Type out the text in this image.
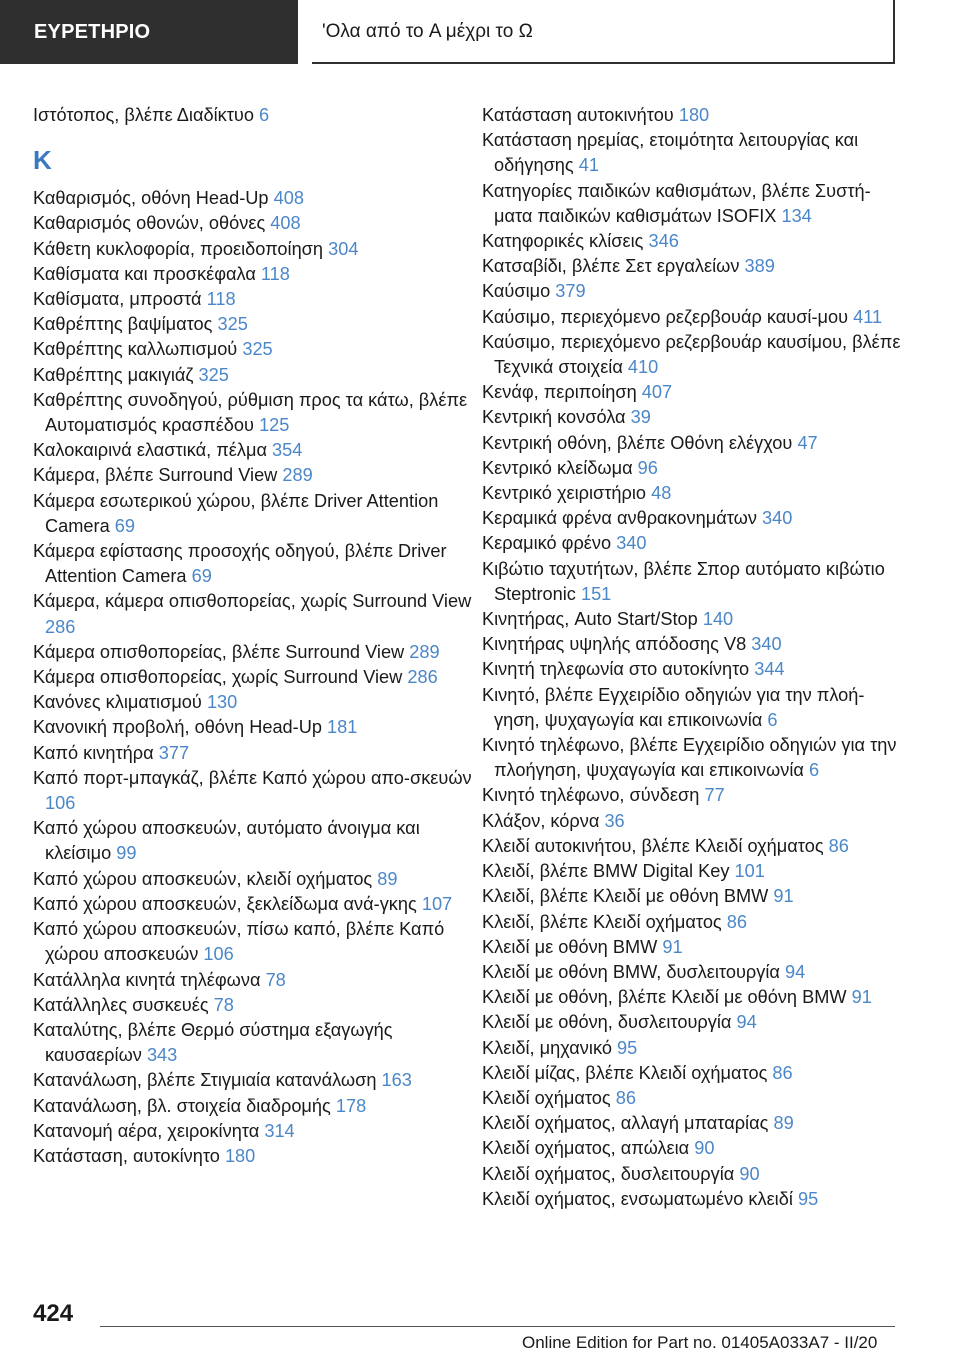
ΕΥΡΕΤΗΡΙΟ	'Ολα από το A μέχρι το Ω

Ιστότοπος, βλέπε Διαδίκτυο 6

K

Καθαρισμός, οθόνη Head-Up 408

Καθαρισμός οθονών, οθόνες 408

Κάθετη κυκλοφορία, προειδοποίηση 304

Καθίσματα και προσκέφαλα 118

Καθίσματα, μπροστά 118

Καθρέπτης βαψίματος 325

Καθρέπτης καλλωπισμού 325

Καθρέπτης μακιγιάζ 325

Καθρέπτης συνοδηγού, ρύθμιση προς τα κάτω, βλέπε Αυτοματισμός κρασπέδου 125

Καλοκαιρινά ελαστικά, πέλμα 354

Κάμερα, βλέπε Surround View 289

Κάμερα εσωτερικού χώρου, βλέπε Driver Attention Camera 69

Κάμερα εφίστασης προσοχής οδηγού, βλέπε Driver Attention Camera 69

Κάμερα, κάμερα οπισθοπορείας, χωρίς Surround View 286

Κάμερα οπισθοπορείας, βλέπε Surround View 289

Κάμερα οπισθοπορείας, χωρίς Surround View 286

Κανόνες κλιματισμού 130

Κανονική προβολή, οθόνη Head-Up 181

Καπό κινητήρα 377

Καπό πορτ-μπαγκάζ, βλέπε Καπό χώρου απο-σκευών 106

Καπό χώρου αποσκευών, αυτόματο άνοιγμα και κλείσιμο 99

Καπό χώρου αποσκευών, κλειδί οχήματος 89

Καπό χώρου αποσκευών, ξεκλείδωμα ανά-γκης 107

Καπό χώρου αποσκευών, πίσω καπό, βλέπε Καπό χώρου αποσκευών 106

Κατάλληλα κινητά τηλέφωνα 78

Κατάλληλες συσκευές 78

Καταλύτης, βλέπε Θερμό σύστημα εξαγωγής καυσαερίων 343

Κατανάλωση, βλέπε Στιγμιαία κατανάλωση 163

Κατανάλωση, βλ. στοιχεία διαδρομής 178

Κατανομή αέρα, χειροκίνητα 314

Κατάσταση, αυτοκίνητο 180

Κατάσταση αυτοκινήτου 180

Κατάσταση ηρεμίας, ετοιμότητα λειτουργίας και οδήγησης 41

Κατηγορίες παιδικών καθισμάτων, βλέπε Συστή-ματα παιδικών καθισμάτων ISOFIX 134

Κατηφορικές κλίσεις 346

Κατσαβίδι, βλέπε Σετ εργαλείων 389

Καύσιμο 379

Καύσιμο, περιεχόμενο ρεζερβουάρ καυσί-μου 411

Καύσιμο, περιεχόμενο ρεζερβουάρ καυσίμου, βλέπε Τεχνικά στοιχεία 410

Κενάφ, περιποίηση 407

Κεντρική κονσόλα 39

Κεντρική οθόνη, βλέπε Οθόνη ελέγχου 47

Κεντρικό κλείδωμα 96

Κεντρικό χειριστήριο 48

Κεραμικά φρένα ανθρακονημάτων 340

Κεραμικό φρένο 340

Κιβώτιο ταχυτήτων, βλέπε Σπορ αυτόματο κιβώτιο Steptronic 151

Κινητήρας, Auto Start/Stop 140

Κινητήρας υψηλής απόδοσης V8 340

Κινητή τηλεφωνία στο αυτοκίνητο 344

Κινητό, βλέπε Εγχειρίδιο οδηγιών για την πλοή-γηση, ψυχαγωγία και επικοινωνία 6

Κινητό τηλέφωνο, βλέπε Εγχειρίδιο οδηγιών για την πλοήγηση, ψυχαγωγία και επικοινωνία 6

Κινητό τηλέφωνο, σύνδεση 77

Κλάξον, κόρνα 36

Κλειδί αυτοκινήτου, βλέπε Κλειδί οχήματος 86

Κλειδί, βλέπε BMW Digital Key 101

Κλειδί, βλέπε Κλειδί με οθόνη BMW 91

Κλειδί, βλέπε Κλειδί οχήματος 86

Κλειδί με οθόνη BMW 91

Κλειδί με οθόνη BMW, δυσλειτουργία 94

Κλειδί με οθόνη, βλέπε Κλειδί με οθόνη BMW 91

Κλειδί με οθόνη, δυσλειτουργία 94

Κλειδί, μηχανικό 95

Κλειδί μίζας, βλέπε Κλειδί οχήματος 86

Κλειδί οχήματος 86

Κλειδί οχήματος, αλλαγή μπαταρίας 89

Κλειδί οχήματος, απώλεια 90

Κλειδί οχήματος, δυσλειτουργία 90

Κλειδί οχήματος, ενσωματωμένο κλειδί 95

424
Online Edition for Part no. 01405A033A7 - II/20
